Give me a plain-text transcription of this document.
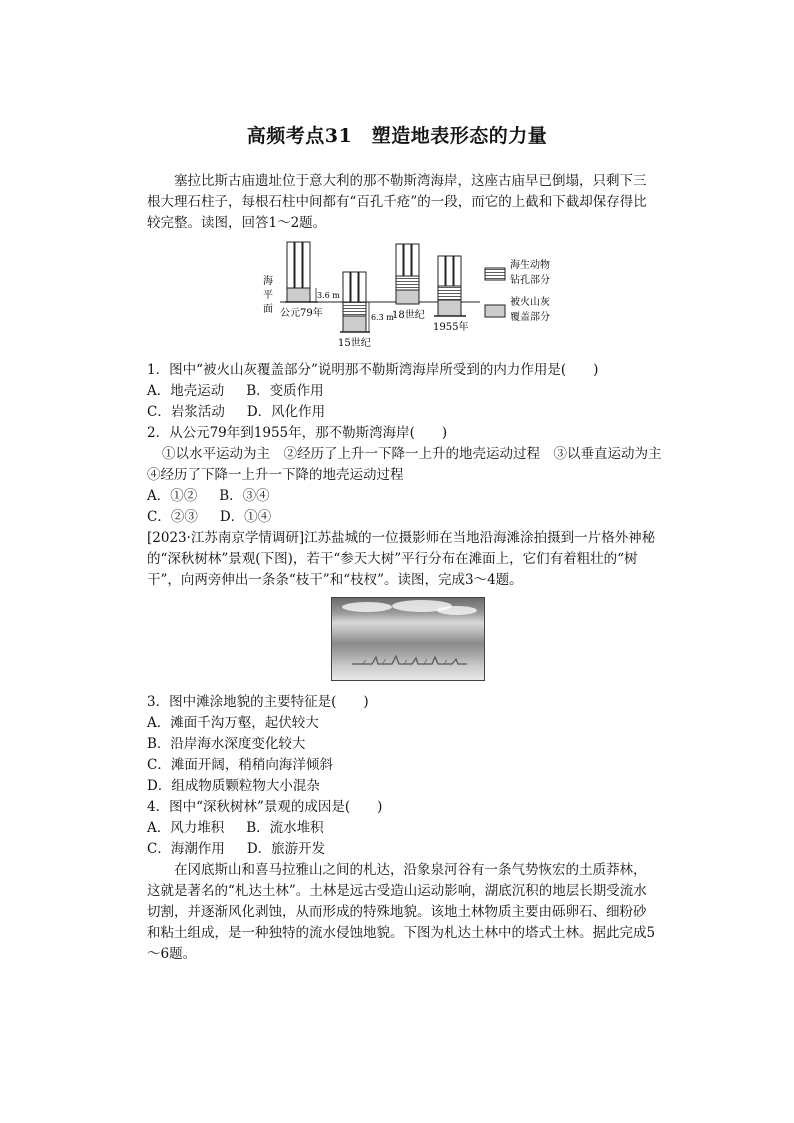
高频考点31　塑造地表形态的力量
塞拉比斯古庙遗址位于意大利的那不勒斯湾海岸，这座古庙早已倒塌，只剩下三根大理石柱子，每根石柱中间都有“百孔千疮”的一段，而它的上截和下截却保存得比较完整。读图，回答1～2题。
3.6 m
6.3 m
海
平
面 公元79年
15世纪
18世纪
1955年
海生动物
钻孔部分
被火山灰
覆盖部分
1．图中“被火山灰覆盖部分”说明那不勒斯湾海岸所受到的内力作用是(　　)
A．地壳运动 B．变质作用
C．岩浆活动 D．风化作用
2．从公元79年到1955年，那不勒斯湾海岸(　　)
①以水平运动为主　②经历了上升一下降一上升的地壳运动过程　③以垂直运动为主
④经历了下降一上升一下降的地壳运动过程
A．①② B．③④
C．②③ D．①④
[2023·江苏南京学情调研]江苏盐城的一位摄影师在当地沿海滩涂拍摄到一片格外神秘的“深秋树林”景观(下图)，若干“参天大树”平行分布在滩面上，它们有着粗壮的“树干”，向两旁伸出一条条“枝干”和“枝杈”。读图，完成3～4题。
3．图中滩涂地貌的主要特征是(　　)
A．滩面千沟万壑，起伏较大
B．沿岸海水深度变化较大
C．滩面开阔，稍稍向海洋倾斜
D．组成物质颗粒物大小混杂
4．图中“深秋树林”景观的成因是(　　)
A．风力堆积 B．流水堆积
C．海潮作用 D．旅游开发
在冈底斯山和喜马拉雅山之间的札达，沿象泉河谷有一条气势恢宏的土质莽林，这就是著名的“札达土林”。土林是远古受造山运动影响，湖底沉积的地层长期受流水切割，并逐渐风化剥蚀，从而形成的特殊地貌。该地土林物质主要由砾卵石、细粉砂和粘土组成，是一种独特的流水侵蚀地貌。下图为札达土林中的塔式土林。据此完成5～6题。
